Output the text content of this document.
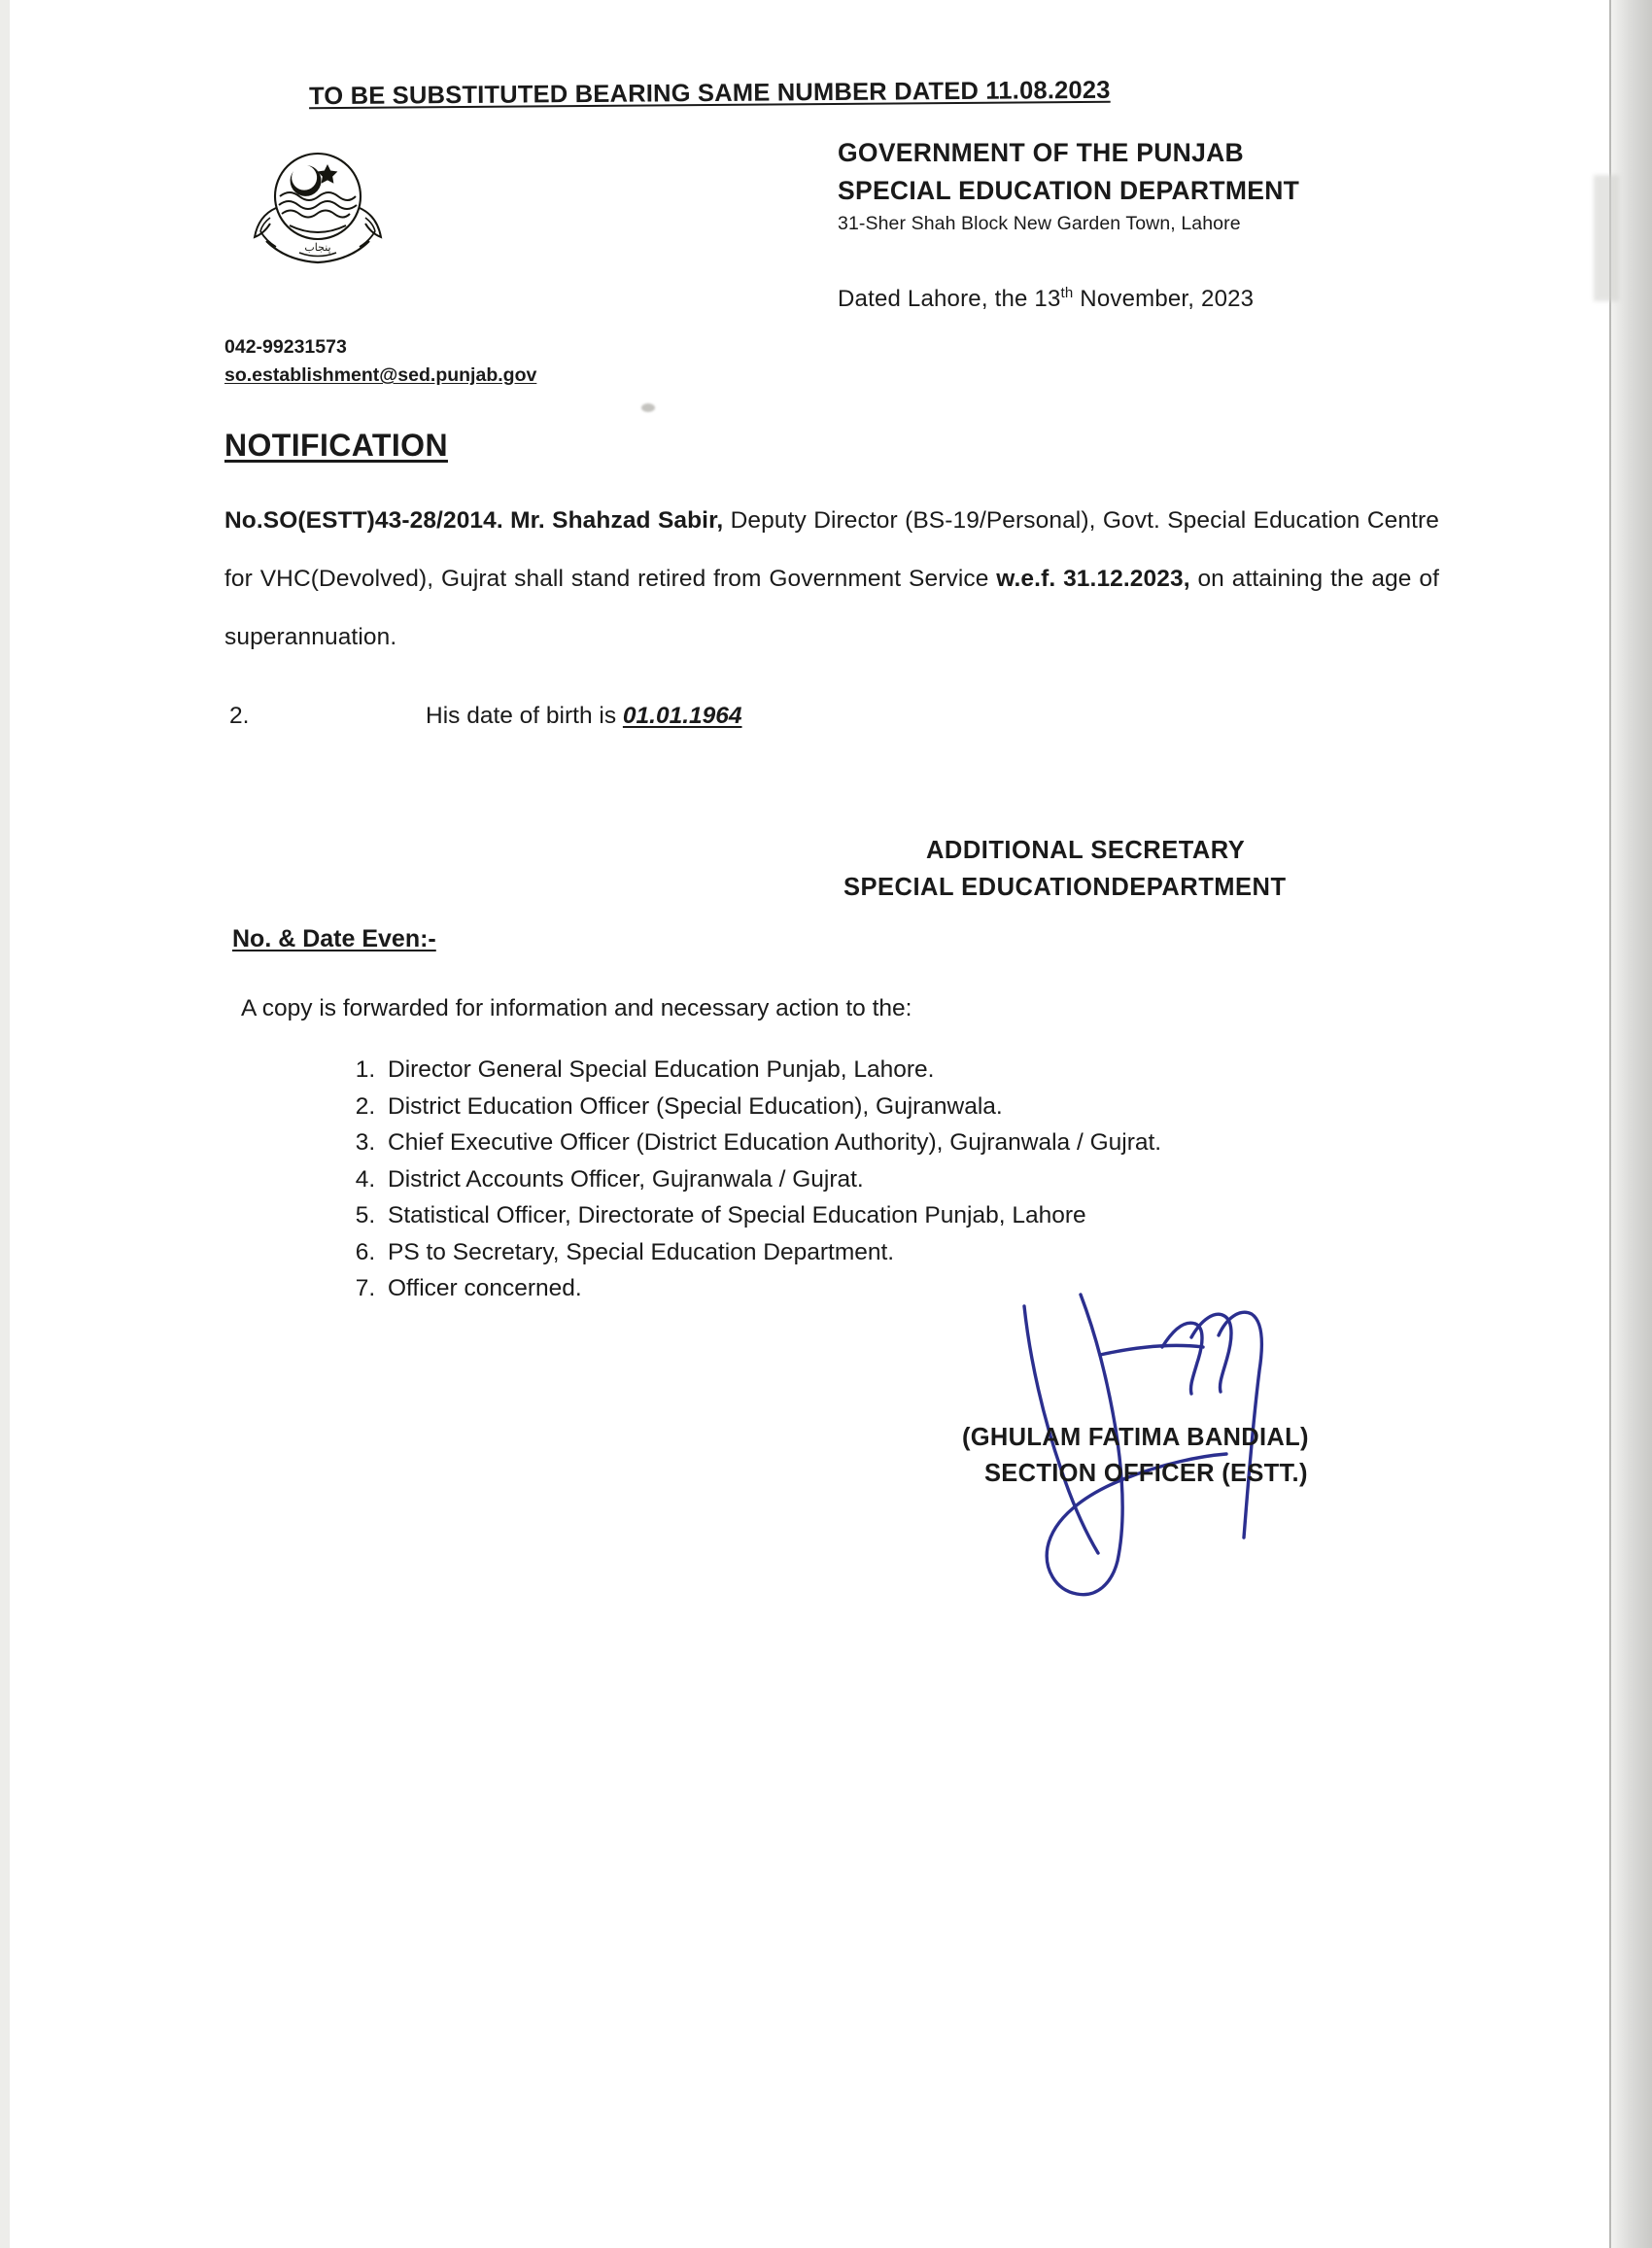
TO BE SUBSTITUTED BEARING SAME NUMBER DATED 11.08.2023
پنجاب
GOVERNMENT OF THE PUNJAB
SPECIAL EDUCATION DEPARTMENT
31-Sher Shah Block New Garden Town, Lahore
Dated Lahore, the 13th November, 2023
042-99231573
so.establishment@sed.punjab.gov
NOTIFICATION
No.SO(ESTT)43-28/2014. Mr. Shahzad Sabir, Deputy Director (BS-19/Personal), Govt. Special Education Centre for VHC(Devolved), Gujrat shall stand retired from Government Service w.e.f. 31.12.2023, on attaining the age of superannuation.
2.	His date of birth is 01.01.1964
ADDITIONAL SECRETARY
SPECIAL EDUCATIONDEPARTMENT
No. & Date Even:-
A copy is forwarded for information and necessary action to the:
1. Director General Special Education Punjab, Lahore.
2. District Education Officer (Special Education), Gujranwala.
3. Chief Executive Officer (District Education Authority), Gujranwala / Gujrat.
4. District Accounts Officer, Gujranwala / Gujrat.
5. Statistical Officer, Directorate of Special Education Punjab, Lahore
6. PS to Secretary, Special Education Department.
7. Officer concerned.
(GHULAM FATIMA BANDIAL)
SECTION OFFICER (ESTT.)
